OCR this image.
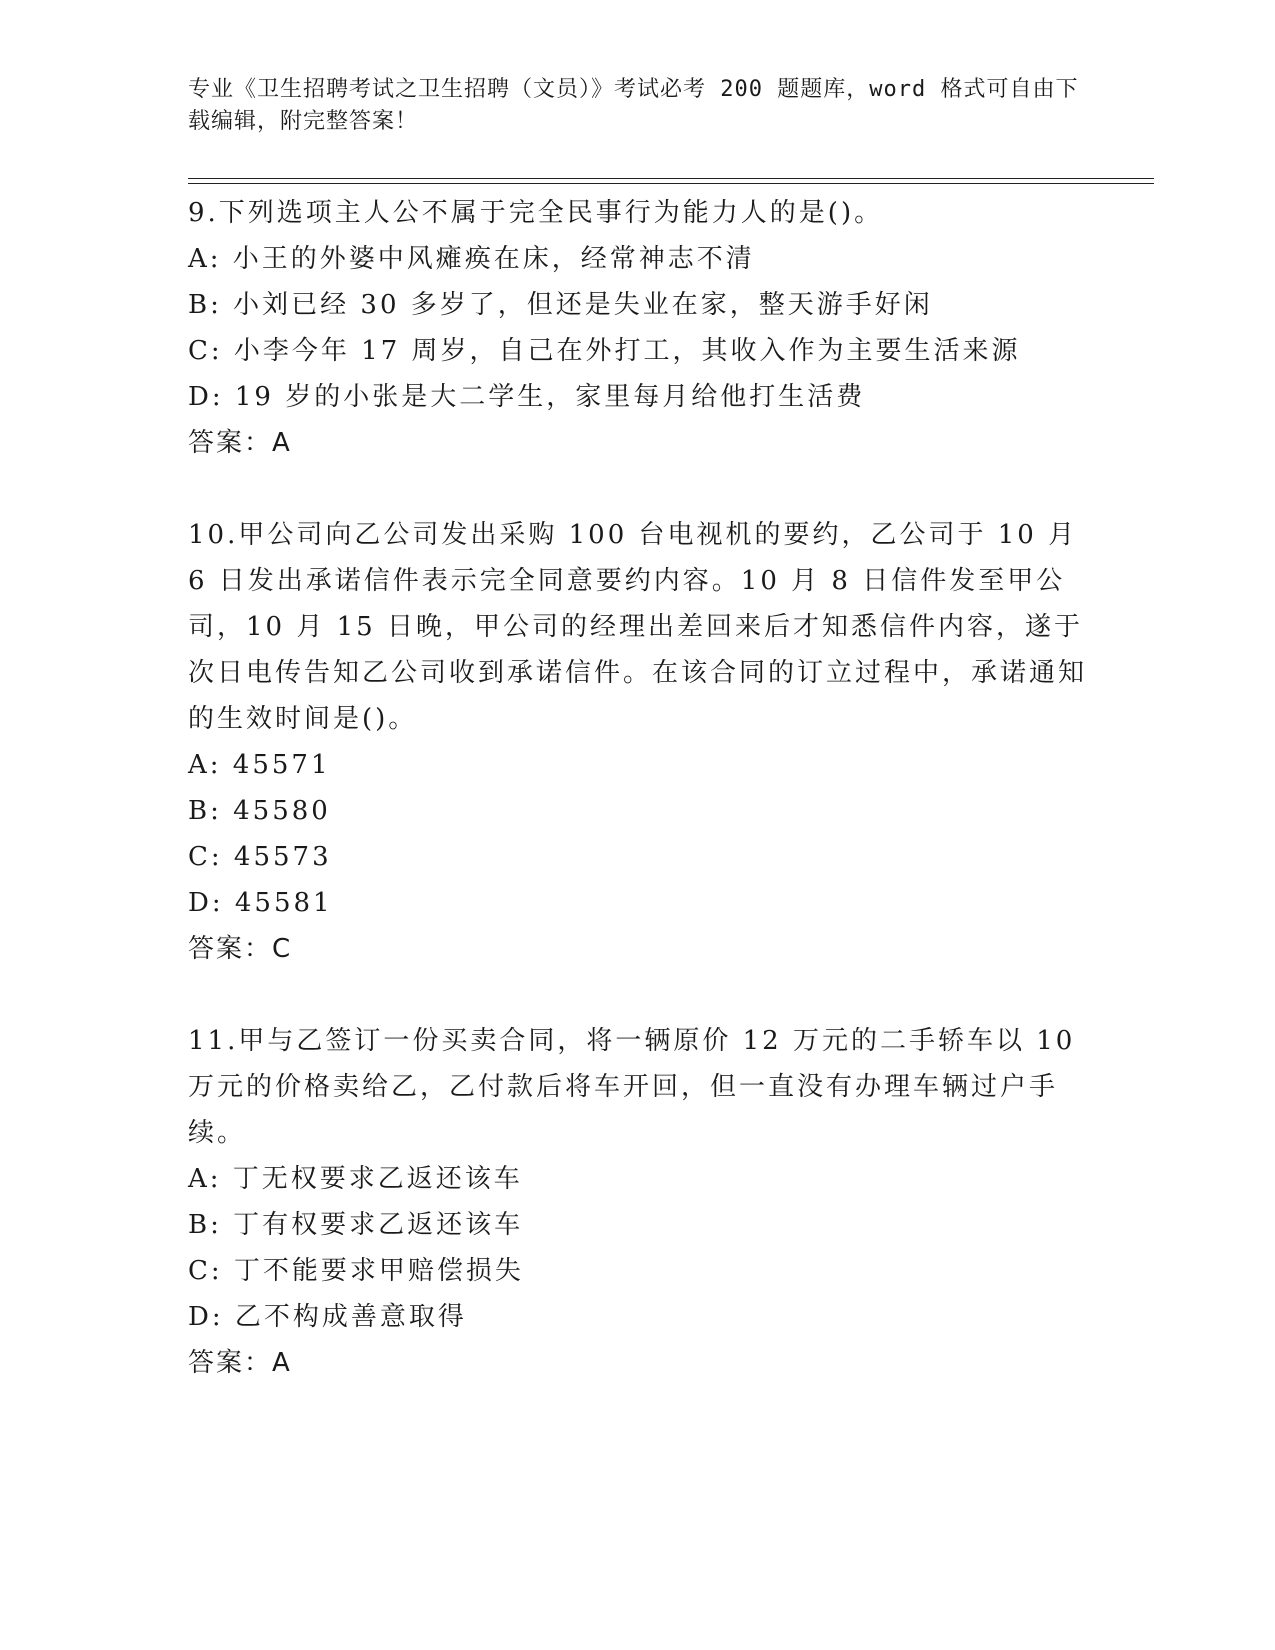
专业《卫生招聘考试之卫生招聘（文员）》考试必考 200 题题库，word 格式可自由下载编辑，附完整答案！

9.下列选项主人公不属于完全民事行为能力人的是()。

A: 小王的外婆中风瘫痪在床，经常神志不清

B: 小刘已经 30 多岁了，但还是失业在家，整天游手好闲

C: 小李今年 17 周岁，自己在外打工，其收入作为主要生活来源

D: 19 岁的小张是大二学生，家里每月给他打生活费

答案：A

10.甲公司向乙公司发出采购 100 台电视机的要约，乙公司于 10 月 6 日发出承诺信件表示完全同意要约内容。10 月 8 日信件发至甲公司，10 月 15 日晚，甲公司的经理出差回来后才知悉信件内容，遂于次日电传告知乙公司收到承诺信件。在该合同的订立过程中，承诺通知的生效时间是()。

A: 45571

B: 45580

C: 45573

D: 45581

答案：C

11.甲与乙签订一份买卖合同，将一辆原价 12 万元的二手轿车以 10 万元的价格卖给乙，乙付款后将车开回，但一直没有办理车辆过户手续。

A: 丁无权要求乙返还该车

B: 丁有权要求乙返还该车

C: 丁不能要求甲赔偿损失

D: 乙不构成善意取得

答案：A
